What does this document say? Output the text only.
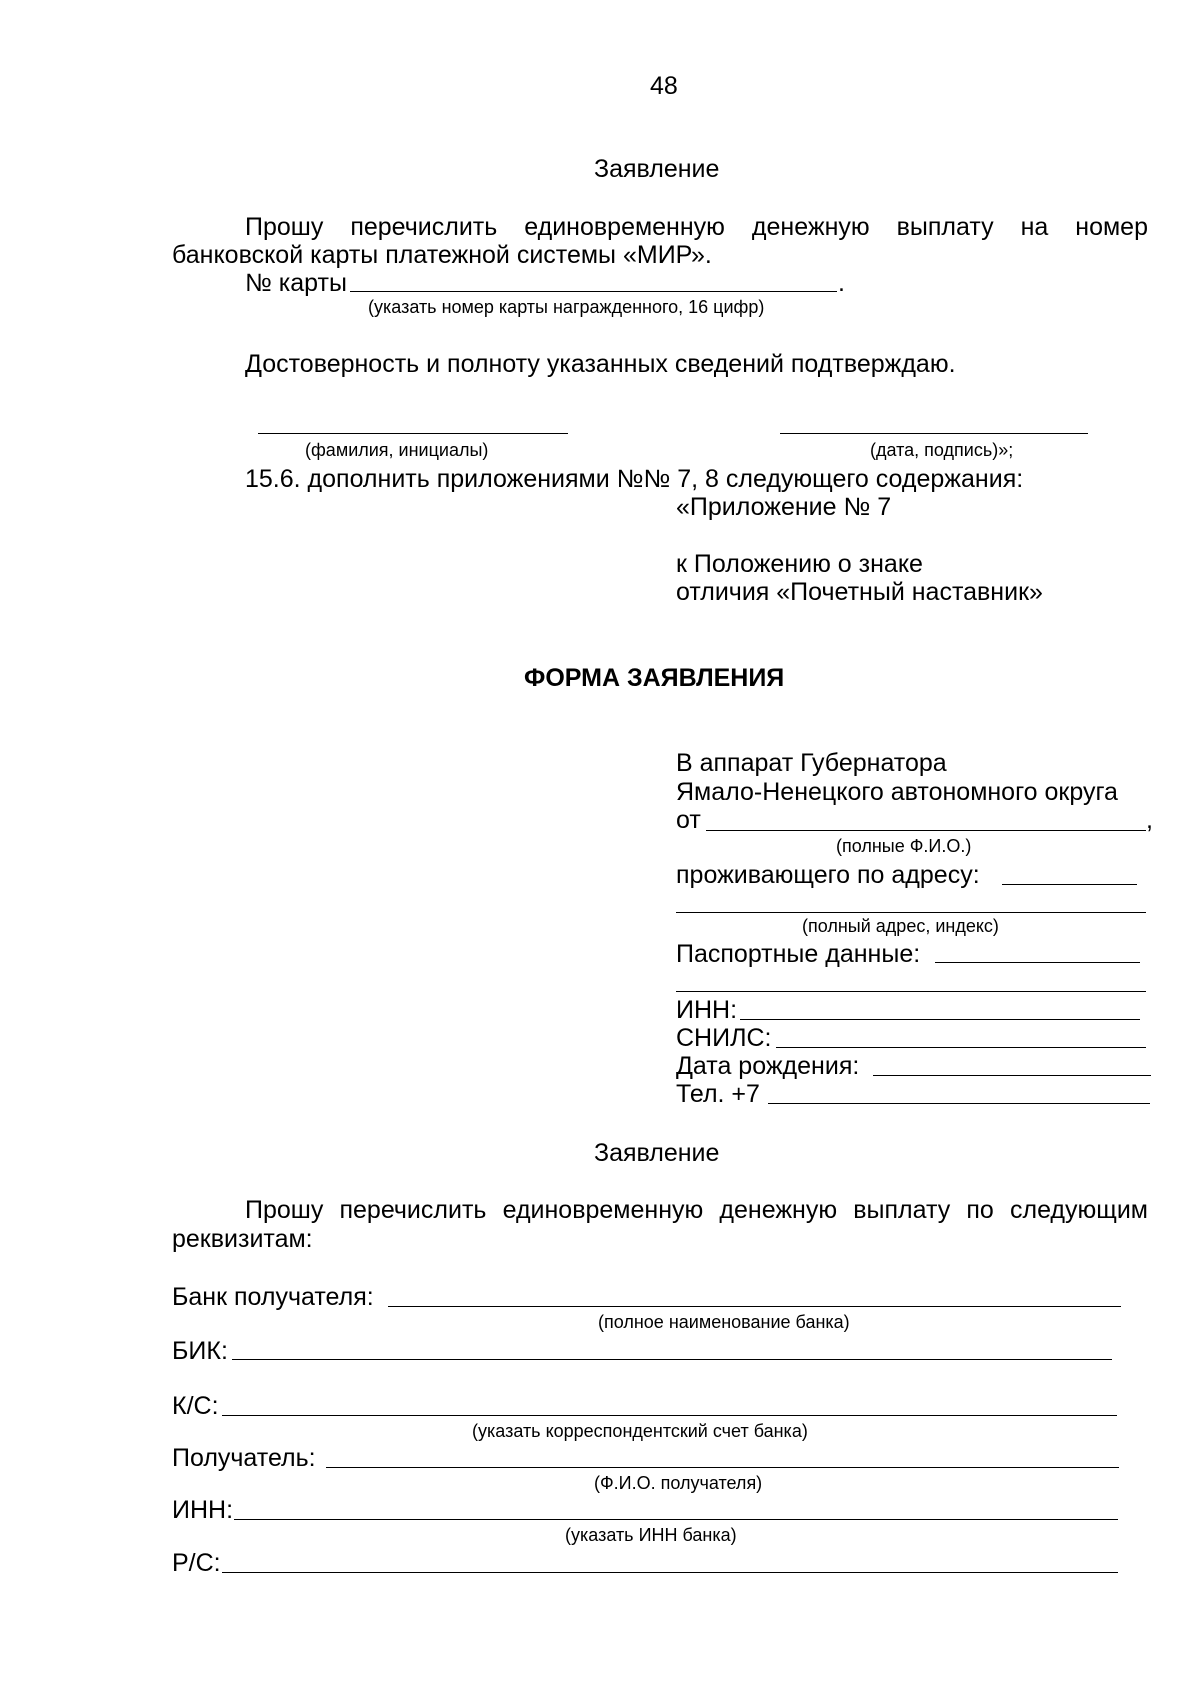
48
Заявление
Прошу перечислить единовременную денежную выплату на номер
банковской карты платежной системы «МИР».
№ карты	.
(указать номер карты награжденного, 16 цифр)
Достоверность и полноту указанных сведений подтверждаю.
(фамилия, инициалы)	(дата, подпись)»;
15.6. дополнить приложениями №№ 7, 8 следующего содержания:
«Приложение № 7
к Положению о знаке
отличия «Почетный наставник»
ФОРМА ЗАЯВЛЕНИЯ
В аппарат Губернатора
Ямало-Ненецкого автономного округа
от	,
(полные Ф.И.О.)
проживающего по адресу:
(полный адрес, индекс)
Паспортные данные:
ИНН:
СНИЛС:
Дата рождения:
Тел. +7
Заявление
Прошу перечислить единовременную денежную выплату по следующим
реквизитам:
Банк получателя:
(полное наименование банка)
БИК:
К/С:
(указать корреспондентский счет банка)
Получатель:
(Ф.И.О. получателя)
ИНН:
(указать ИНН банка)
Р/С:
